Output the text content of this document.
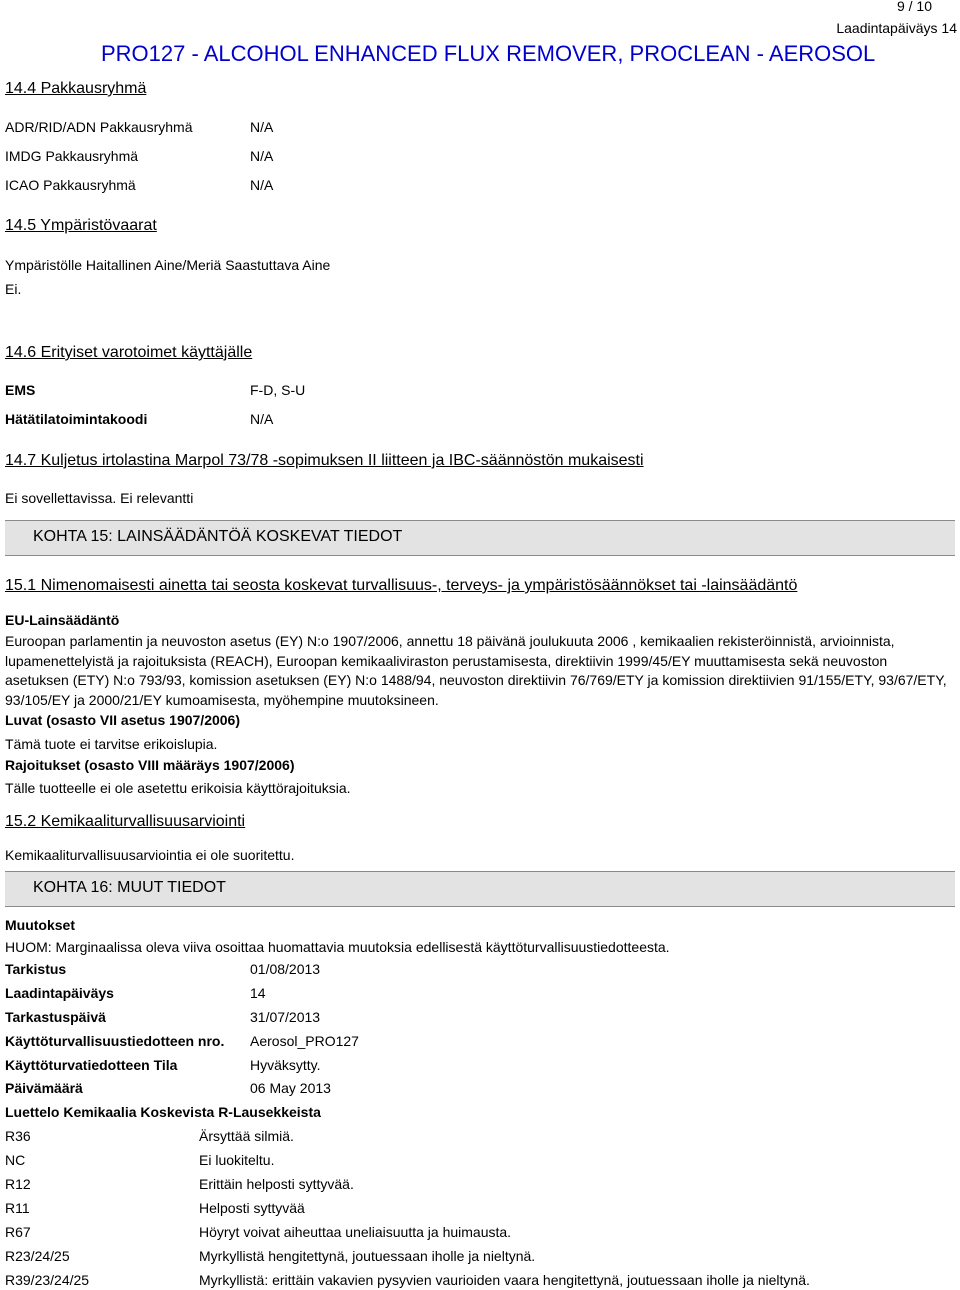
9 / 10
Laadintapäiväys 14
PRO127 - ALCOHOL ENHANCED FLUX REMOVER, PROCLEAN - AEROSOL
14.4 Pakkausryhmä
ADR/RID/ADN Pakkausryhmä	N/A
IMDG Pakkausryhmä	N/A
ICAO Pakkausryhmä	N/A
14.5 Ympäristövaarat
Ympäristölle Haitallinen Aine/Meriä Saastuttava Aine
Ei.
14.6 Erityiset varotoimet käyttäjälle
EMS	F-D, S-U
Hätätilatoimintakoodi	N/A
14.7 Kuljetus irtolastina Marpol 73/78 -sopimuksen II liitteen ja IBC-säännöstön mukaisesti
Ei sovellettavissa. Ei relevantti
KOHTA 15: LAINSÄÄDÄNTÖÄ KOSKEVAT TIEDOT
15.1 Nimenomaisesti ainetta tai seosta koskevat turvallisuus-, terveys- ja ympäristösäännökset tai -lainsäädäntö
EU-Lainsäädäntö
Euroopan parlamentin ja neuvoston asetus (EY) N:o 1907/2006, annettu 18 päivänä joulukuuta 2006 , kemikaalien rekisteröinnistä, arvioinnista, lupamenettelyistä ja rajoituksista (REACH), Euroopan kemikaaliviraston perustamisesta, direktiivin 1999/45/EY muuttamisesta sekä neuvoston asetuksen (ETY) N:o 793/93, komission asetuksen (EY) N:o 1488/94, neuvoston direktiivin 76/769/ETY ja komission direktiivien 91/155/ETY, 93/67/ETY, 93/105/EY ja 2000/21/EY kumoamisesta, myöhempine muutoksineen.
Luvat (osasto VII asetus 1907/2006)
Tämä tuote ei tarvitse erikoislupia.
Rajoitukset (osasto VIII määräys 1907/2006)
Tälle tuotteelle ei ole asetettu erikoisia käyttörajoituksia.
15.2 Kemikaaliturvallisuusarviointi
Kemikaaliturvallisuusarviointia ei ole suoritettu.
KOHTA 16: MUUT TIEDOT
Muutokset
HUOM: Marginaalissa oleva viiva osoittaa huomattavia muutoksia edellisestä käyttöturvallisuustiedotteesta.
Tarkistus	01/08/2013
Laadintapäiväys	14
Tarkastuspäivä	31/07/2013
Käyttöturvallisuustiedotteen nro. Aerosol_PRO127
Käyttöturvatiedotteen Tila	Hyväksytty.
Päivämäärä	06 May 2013
Luettelo Kemikaalia Koskevista R-Lausekkeista
R36	Ärsyttää silmiä.
NC	Ei luokiteltu.
R12	Erittäin helposti syttyvää.
R11	Helposti syttyvää
R67	Höyryt voivat aiheuttaa uneliaisuutta ja huimausta.
R23/24/25	Myrkyllistä hengitettynä, joutuessaan iholle ja nieltynä.
R39/23/24/25	Myrkyllistä: erittäin vakavien pysyvien vaurioiden vaara hengitettynä, joutuessaan iholle ja nieltynä.
